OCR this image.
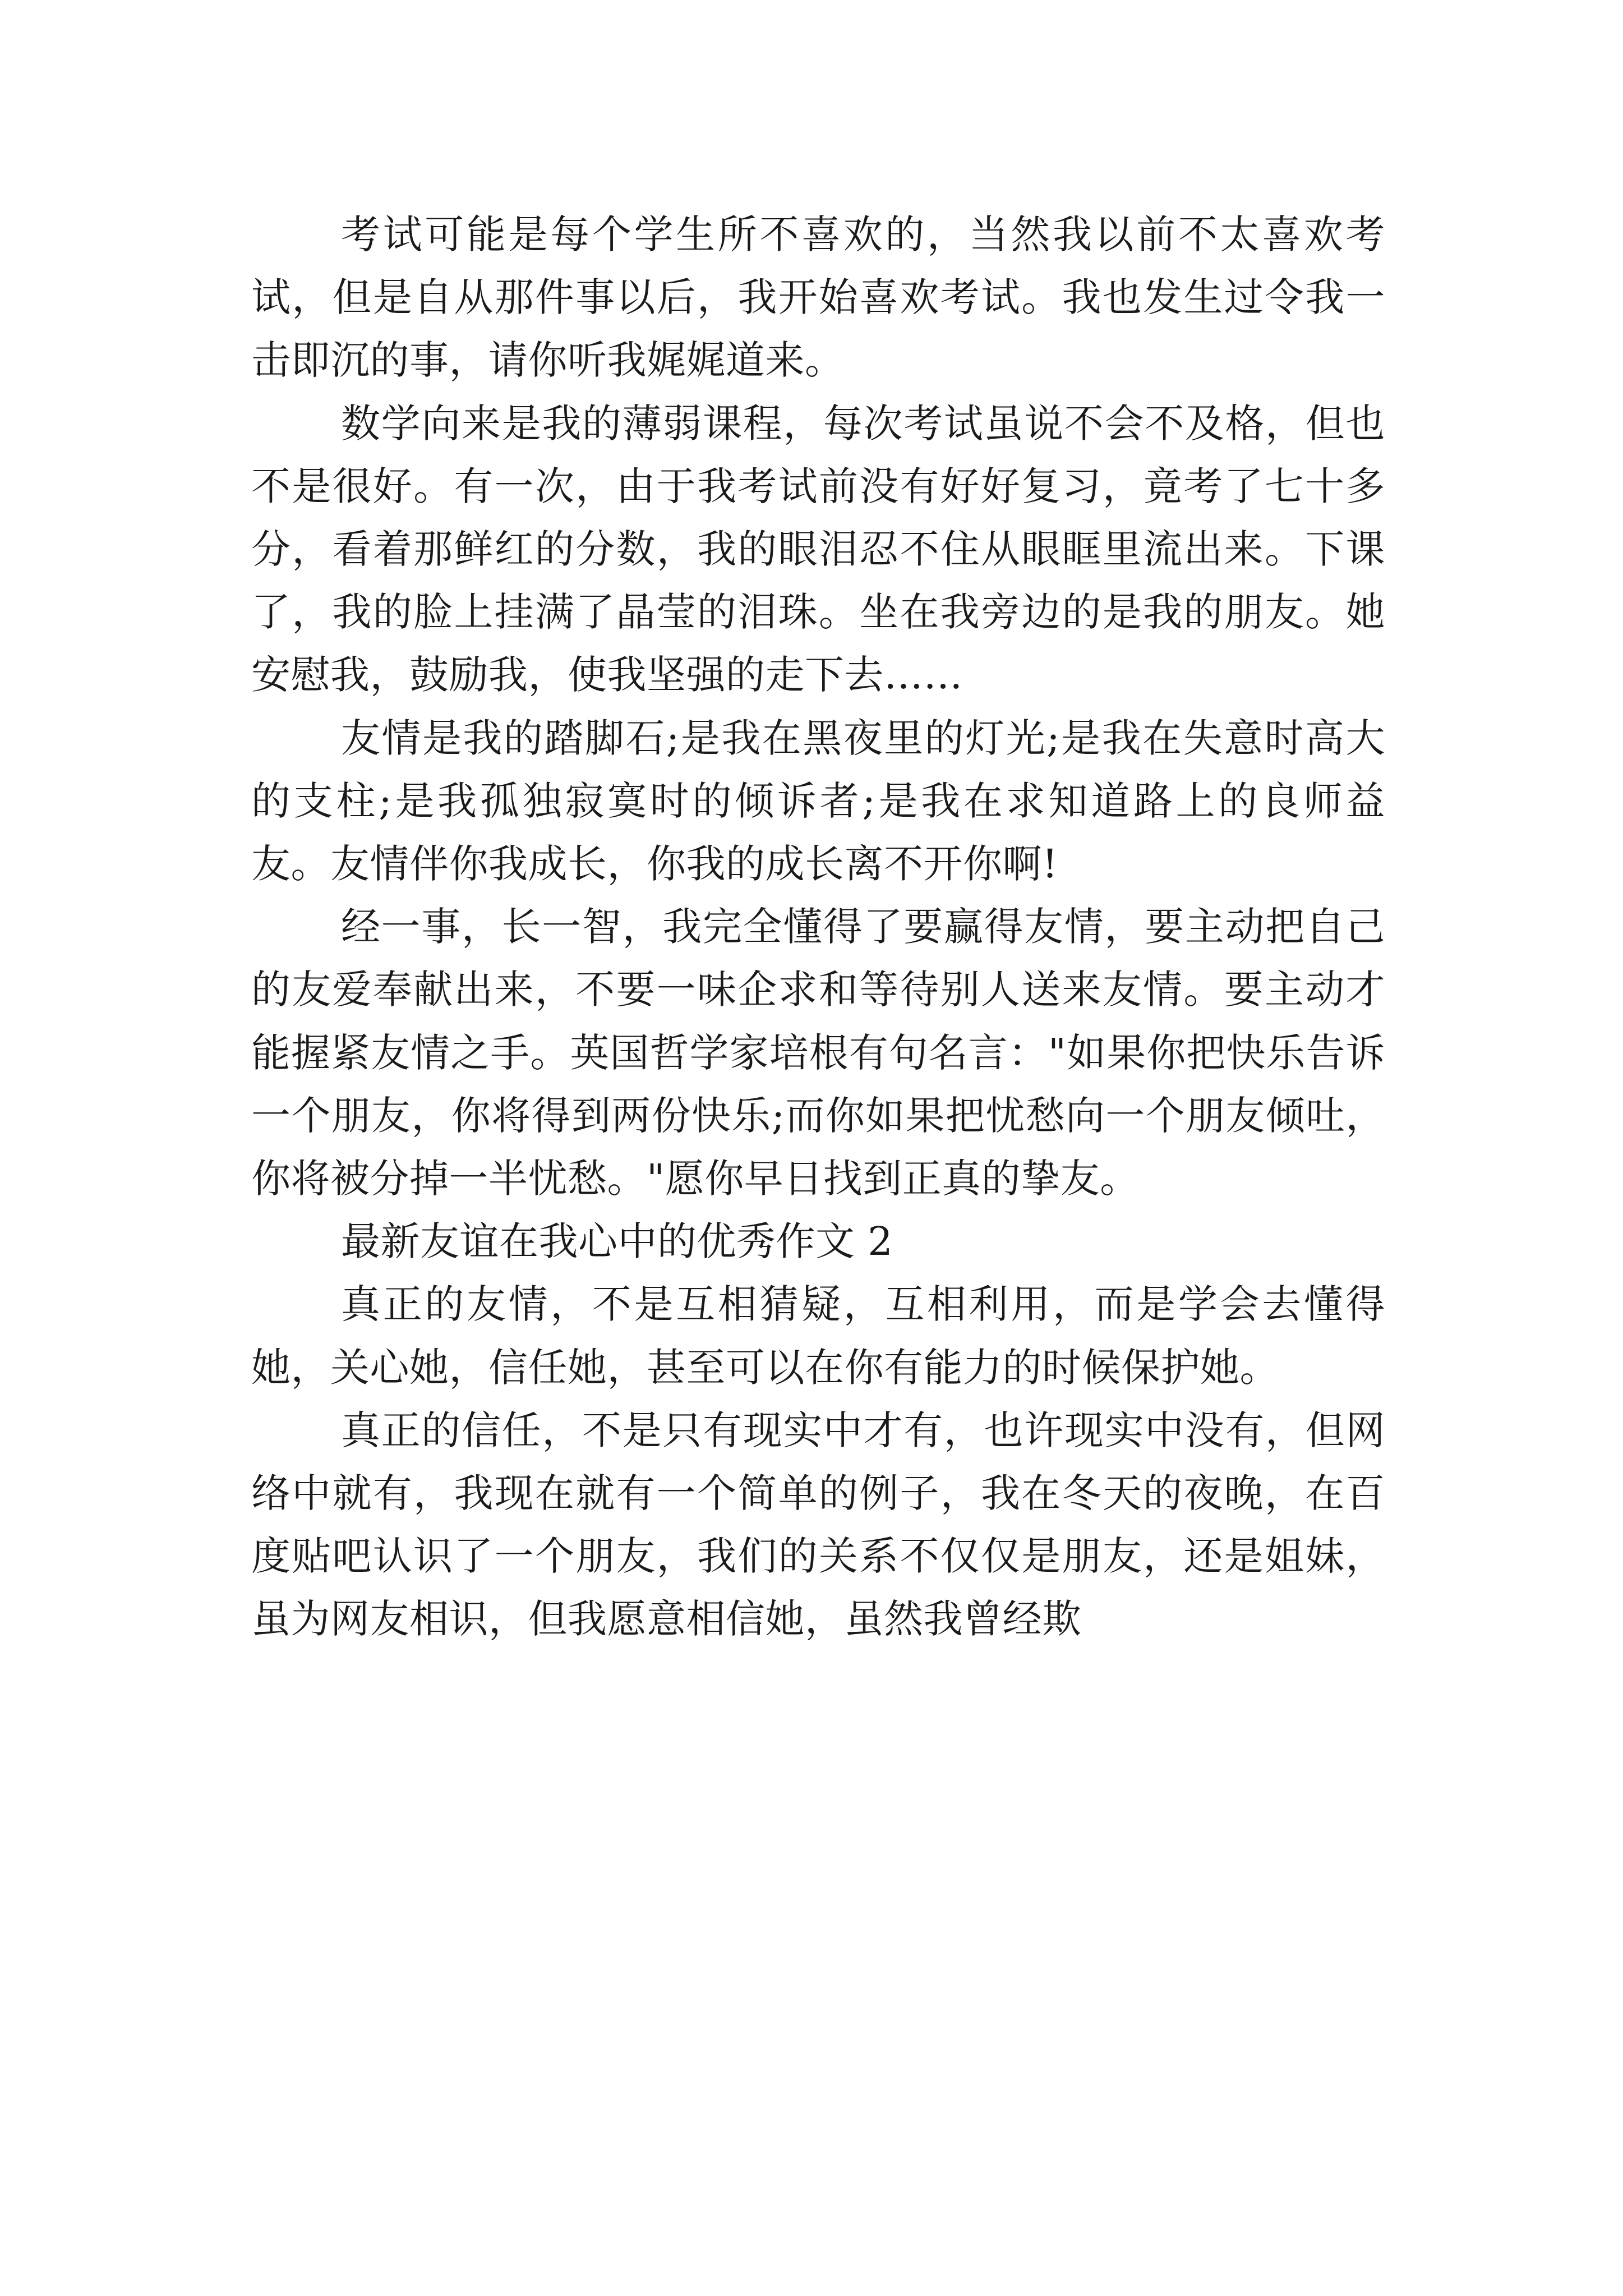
考试可能是每个学生所不喜欢的，当然我以前不太喜欢考试，但是自从那件事以后，我开始喜欢考试。我也发生过令我一击即沉的事，请你听我娓娓道来。

数学向来是我的薄弱课程，每次考试虽说不会不及格，但也不是很好。有一次，由于我考试前没有好好复习，竟考了七十多分，看着那鲜红的分数，我的眼泪忍不住从眼眶里流出来。下课了，我的脸上挂满了晶莹的泪珠。坐在我旁边的是我的朋友。她安慰我，鼓励我，使我坚强的走下去……

友情是我的踏脚石;是我在黑夜里的灯光;是我在失意时高大的支柱;是我孤独寂寞时的倾诉者;是我在求知道路上的良师益友。友情伴你我成长，你我的成长离不开你啊!

经一事，长一智，我完全懂得了要赢得友情，要主动把自己的友爱奉献出来，不要一味企求和等待别人送来友情。要主动才能握紧友情之手。英国哲学家培根有句名言："如果你把快乐告诉一个朋友，你将得到两份快乐;而你如果把忧愁向一个朋友倾吐，你将被分掉一半忧愁。"愿你早日找到正真的挚友。

最新友谊在我心中的优秀作文 2

真正的友情，不是互相猜疑，互相利用，而是学会去懂得她，关心她，信任她，甚至可以在你有能力的时候保护她。

真正的信任，不是只有现实中才有，也许现实中没有，但网络中就有，我现在就有一个简单的例子，我在冬天的夜晚，在百度贴吧认识了一个朋友，我们的关系不仅仅是朋友，还是姐妹，虽为网友相识，但我愿意相信她，虽然我曾经欺
